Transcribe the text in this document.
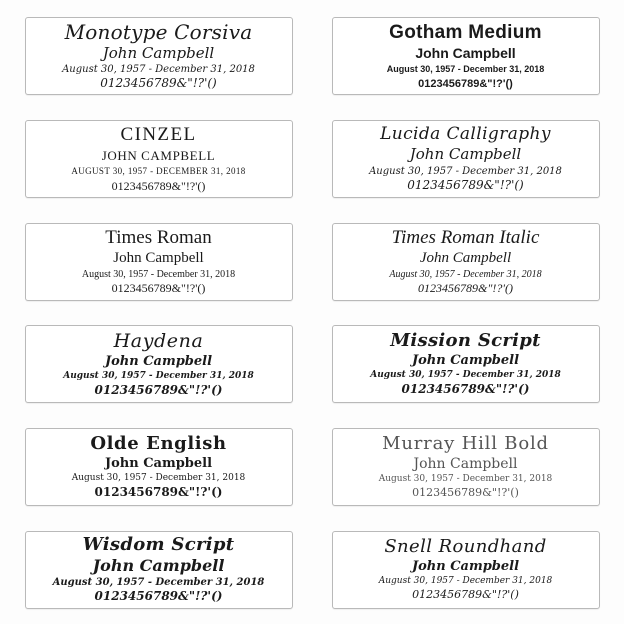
Monotype Corsiva
John Campbell
August 30, 1957 - December 31, 2018
0123456789&"!?'()
Gotham Medium
John Campbell
August 30, 1957 - December 31, 2018
0123456789&"!?'()
CINZEL
JOHN CAMPBELL
AUGUST 30, 1957 - DECEMBER 31, 2018
0123456789&"!?'()
Lucida Calligraphy
John Campbell
August 30, 1957 - December 31, 2018
0123456789&"!?'()
Times Roman
John Campbell
August 30, 1957 - December 31, 2018
0123456789&"!?'()
Times Roman Italic
John Campbell
August 30, 1957 - December 31, 2018
0123456789&"!?'()
Haydena
John Campbell
August 30, 1957 - December 31, 2018
0123456789&"!?'()
Mission Script
John Campbell
August 30, 1957 - December 31, 2018
0123456789&"!?'()
Olde English
John Campbell
August 30, 1957 - December 31, 2018
0123456789&"!?'()
Murray Hill Bold
John Campbell
August 30, 1957 - December 31, 2018
0123456789&"!?'()
Wisdom Script
John Campbell
August 30, 1957 - December 31, 2018
0123456789&"!?'()
Snell Roundhand
John Campbell
August 30, 1957 - December 31, 2018
0123456789&"!?'()
